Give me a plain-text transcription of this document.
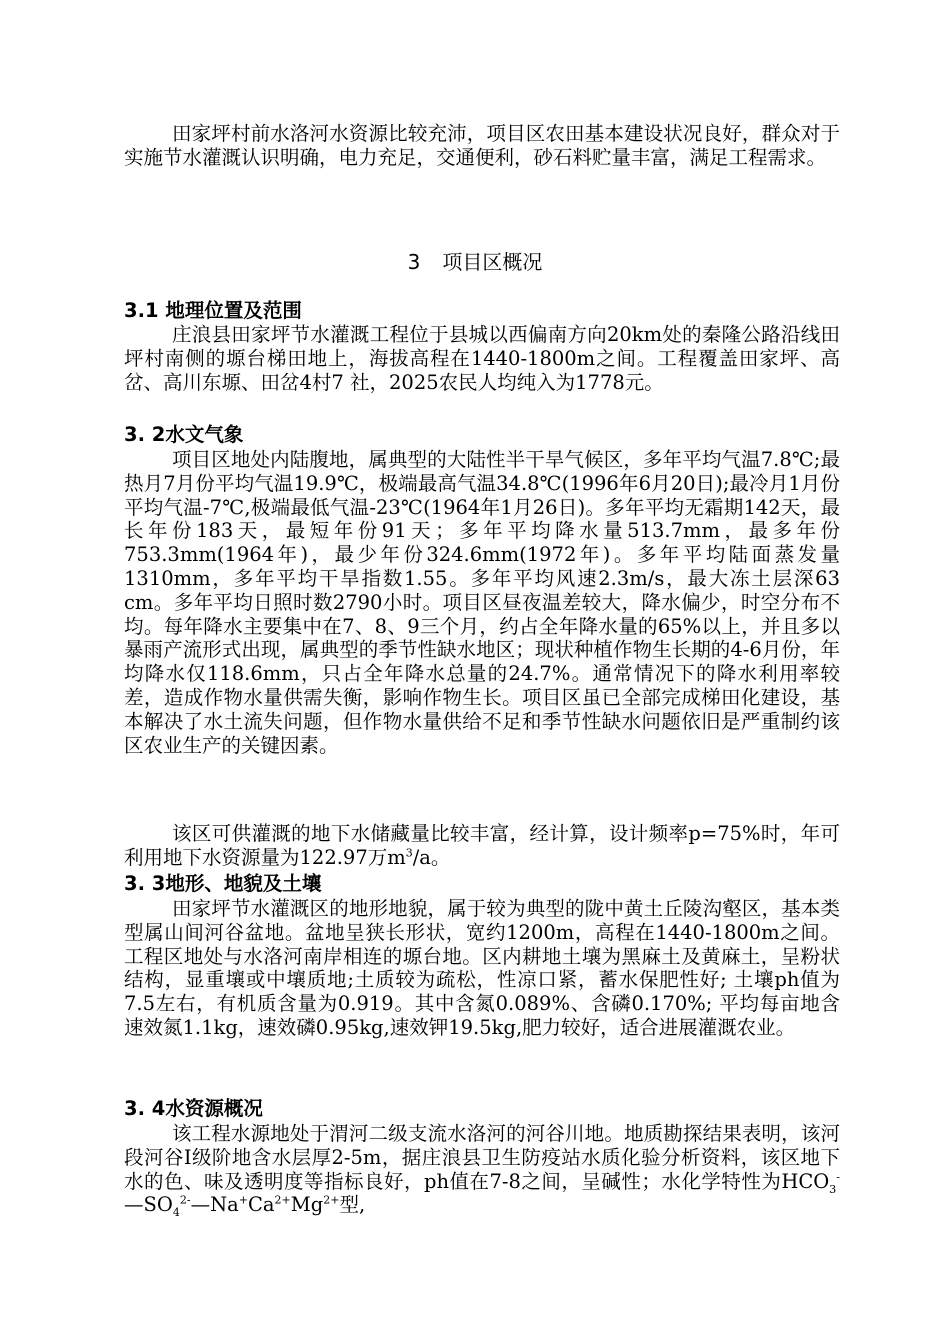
田家坪村前水洛河水资源比较充沛，项目区农田基本建设状况良好，群众对于实施节水灌溉认识明确，电力充足，交通便利，砂石料贮量丰富，满足工程需求。

3 项目区概况

3.1 地理位置及范围

庄浪县田家坪节水灌溉工程位于县城以西偏南方向20km处的秦隆公路沿线田坪村南侧的塬台梯田地上，海拔高程在1440-1800m之间。工程覆盖田家坪、高岔、高川东塬、田岔4村7 社，2025农民人均纯入为1778元。

3. 2水文气象

项目区地处内陆腹地，属典型的大陆性半干旱气候区，多年平均气温7.8℃;最热月7月份平均气温19.9℃，极端最高气温34.8℃(1996年6月20日);最冷月1月份平均气温-7℃,极端最低气温-23℃(1964年1月26日)。多年平均无霜期142天，最长年份183天，最短年份91天；多年平均降水量513.7mm，最多年份753.3mm(1964年)，最少年份324.6mm(1972年)。多年平均陆面蒸发量1310mm，多年平均干旱指数1.55。多年平均风速2.3m/s，最大冻土层深63 cm。多年平均日照时数2790小时。项目区昼夜温差较大，降水偏少，时空分布不均。每年降水主要集中在7、8、9三个月，约占全年降水量的65%以上，并且多以暴雨产流形式出现，属典型的季节性缺水地区；现状种植作物生长期的4-6月份，年均降水仅118.6mm，只占全年降水总量的24.7%。通常情况下的降水利用率较差，造成作物水量供需失衡，影响作物生长。项目区虽已全部完成梯田化建设，基本解决了水土流失问题，但作物水量供给不足和季节性缺水问题依旧是严重制约该区农业生产的关键因素。

该区可供灌溉的地下水储藏量比较丰富，经计算，设计频率p=75%时，年可利用地下水资源量为122.97万$m^3/a$。

3. 3地形、地貌及土壤

田家坪节水灌溉区的地形地貌，属于较为典型的陇中黄土丘陵沟壑区，基本类型属山间河谷盆地。盆地呈狭长形状，宽约1200m，高程在1440-1800m之间。工程区地处与水洛河南岸相连的塬台地。区内耕地土壤为黑麻土及黄麻土，呈粉状结构，显重壤或中壤质地;土质较为疏松，性凉口紧，蓄水保肥性好; 土壤ph值为7.5左右，有机质含量为0.919。其中含氮0.089%、含磷0.170%; 平均每亩地含速效氮1.1kg，速效磷0.95kg,速效钾19.5kg,肥力较好，适合进展灌溉农业。

3. 4水资源概况

该工程水源地处于渭河二级支流水洛河的河谷川地。地质勘探结果表明，该河段河谷Ⅰ级阶地含水层厚2-5m，据庄浪县卫生防疫站水质化验分析资料，该区地下水的色、味及透明度等指标良好，ph值在7-8之间，呈碱性；水化学特性为$HCO_3^-—SO_4^{2-}—Na^+Ca^{2+}Mg^{2+}$型,
